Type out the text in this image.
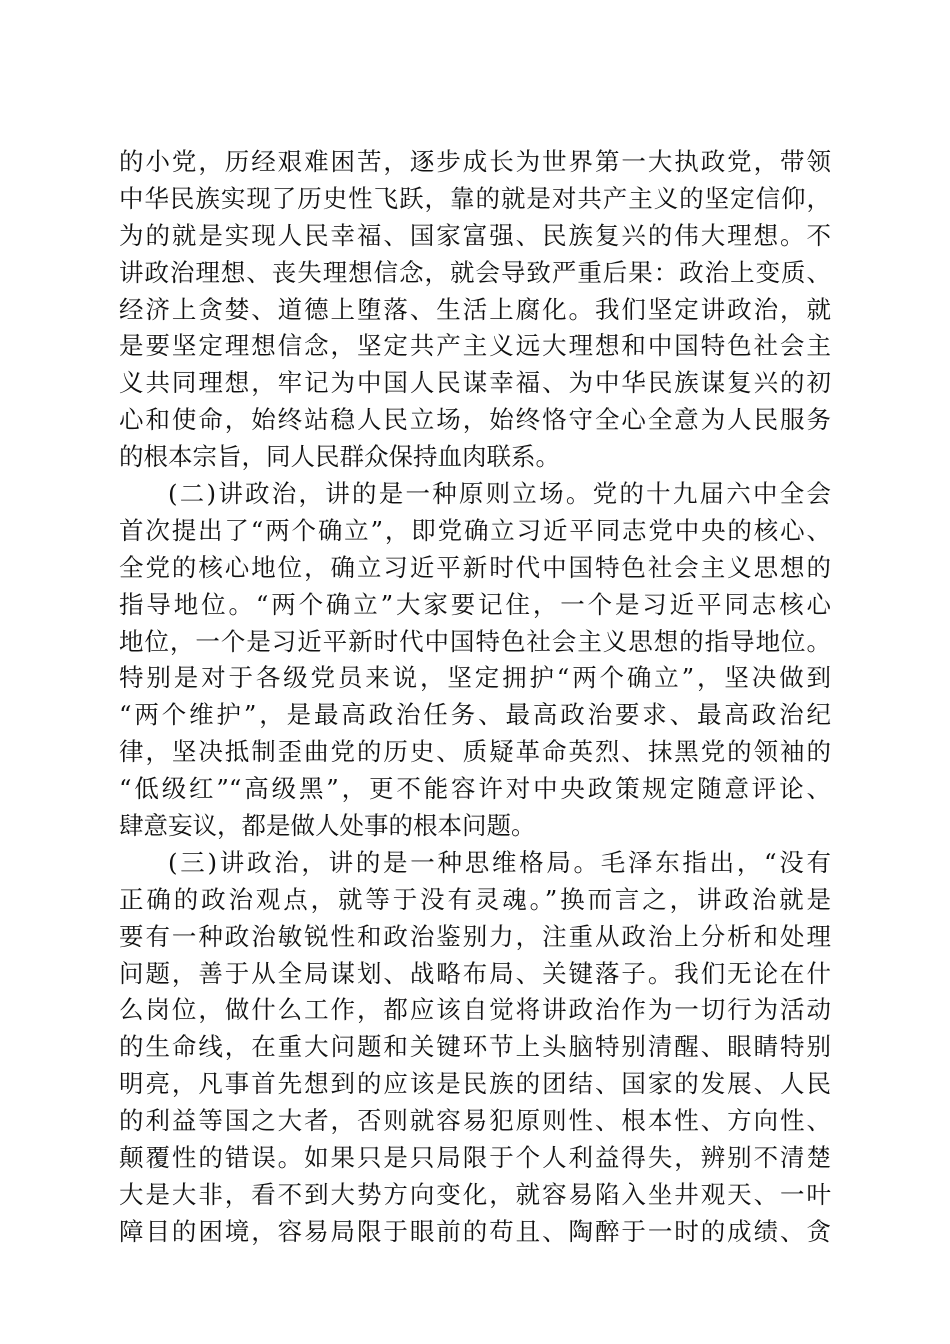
的小党，历经艰难困苦，逐步成长为世界第一大执政党，带领
中华民族实现了历史性飞跃，靠的就是对共产主义的坚定信仰，
为的就是实现人民幸福、国家富强、民族复兴的伟大理想。不
讲政治理想、丧失理想信念，就会导致严重后果：政治上变质、
经济上贪婪、道德上堕落、生活上腐化。我们坚定讲政治，就
是要坚定理想信念，坚定共产主义远大理想和中国特色社会主
义共同理想，牢记为中国人民谋幸福、为中华民族谋复兴的初
心和使命，始终站稳人民立场，始终恪守全心全意为人民服务
的根本宗旨，同人民群众保持血肉联系。
(二)讲政治，讲的是一种原则立场。党的十九届六中全会
首次提出了“两个确立”，即党确立习近平同志党中央的核心、
全党的核心地位，确立习近平新时代中国特色社会主义思想的
指导地位。“两个确立”大家要记住，一个是习近平同志核心
地位，一个是习近平新时代中国特色社会主义思想的指导地位。
特别是对于各级党员来说，坚定拥护“两个确立”，坚决做到
“两个维护”，是最高政治任务、最高政治要求、最高政治纪
律，坚决抵制歪曲党的历史、质疑革命英烈、抹黑党的领袖的
“低级红”“高级黑”，更不能容许对中央政策规定随意评论、
肆意妄议，都是做人处事的根本问题。
(三)讲政治，讲的是一种思维格局。毛泽东指出，“没有
正确的政治观点，就等于没有灵魂。”换而言之，讲政治就是
要有一种政治敏锐性和政治鉴别力，注重从政治上分析和处理
问题，善于从全局谋划、战略布局、关键落子。我们无论在什
么岗位，做什么工作，都应该自觉将讲政治作为一切行为活动
的生命线，在重大问题和关键环节上头脑特别清醒、眼睛特别
明亮，凡事首先想到的应该是民族的团结、国家的发展、人民
的利益等国之大者，否则就容易犯原则性、根本性、方向性、
颠覆性的错误。如果只是只局限于个人利益得失，辨别不清楚
大是大非，看不到大势方向变化，就容易陷入坐井观天、一叶
障目的困境，容易局限于眼前的苟且、陶醉于一时的成绩、贪
